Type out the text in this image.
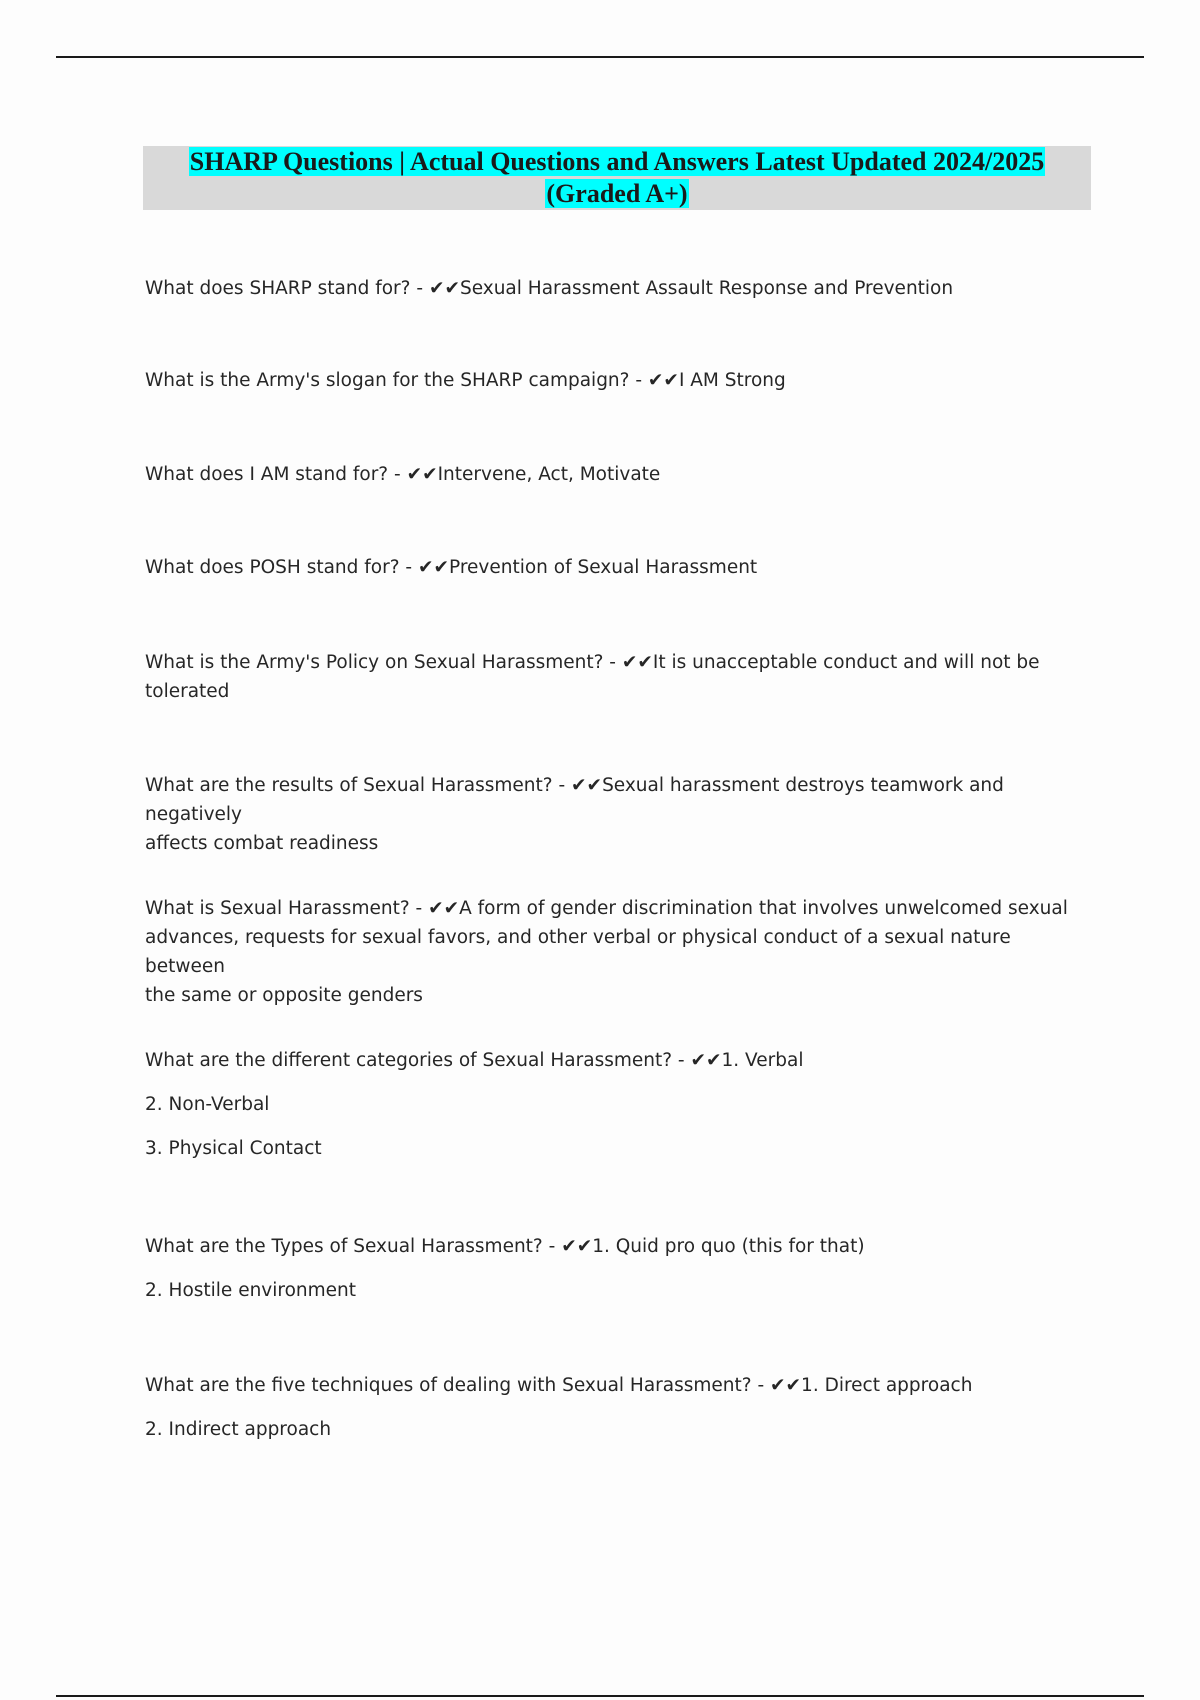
SHARP Questions | Actual Questions and Answers Latest Updated 2024/2025
(Graded A+)

What does SHARP stand for? - ✔✔Sexual Harassment Assault Response and Prevention

What is the Army's slogan for the SHARP campaign? - ✔✔I AM Strong

What does I AM stand for? - ✔✔Intervene, Act, Motivate

What does POSH stand for? - ✔✔Prevention of Sexual Harassment

What is the Army's Policy on Sexual Harassment? - ✔✔It is unacceptable conduct and will not be
tolerated

What are the results of Sexual Harassment? - ✔✔Sexual harassment destroys teamwork and negatively
affects combat readiness

What is Sexual Harassment? - ✔✔A form of gender discrimination that involves unwelcomed sexual
advances, requests for sexual favors, and other verbal or physical conduct of a sexual nature between
the same or opposite genders

What are the different categories of Sexual Harassment? - ✔✔1. Verbal

2. Non-Verbal

3. Physical Contact

What are the Types of Sexual Harassment? - ✔✔1. Quid pro quo (this for that)

2. Hostile environment

What are the five techniques of dealing with Sexual Harassment? - ✔✔1. Direct approach

2. Indirect approach
